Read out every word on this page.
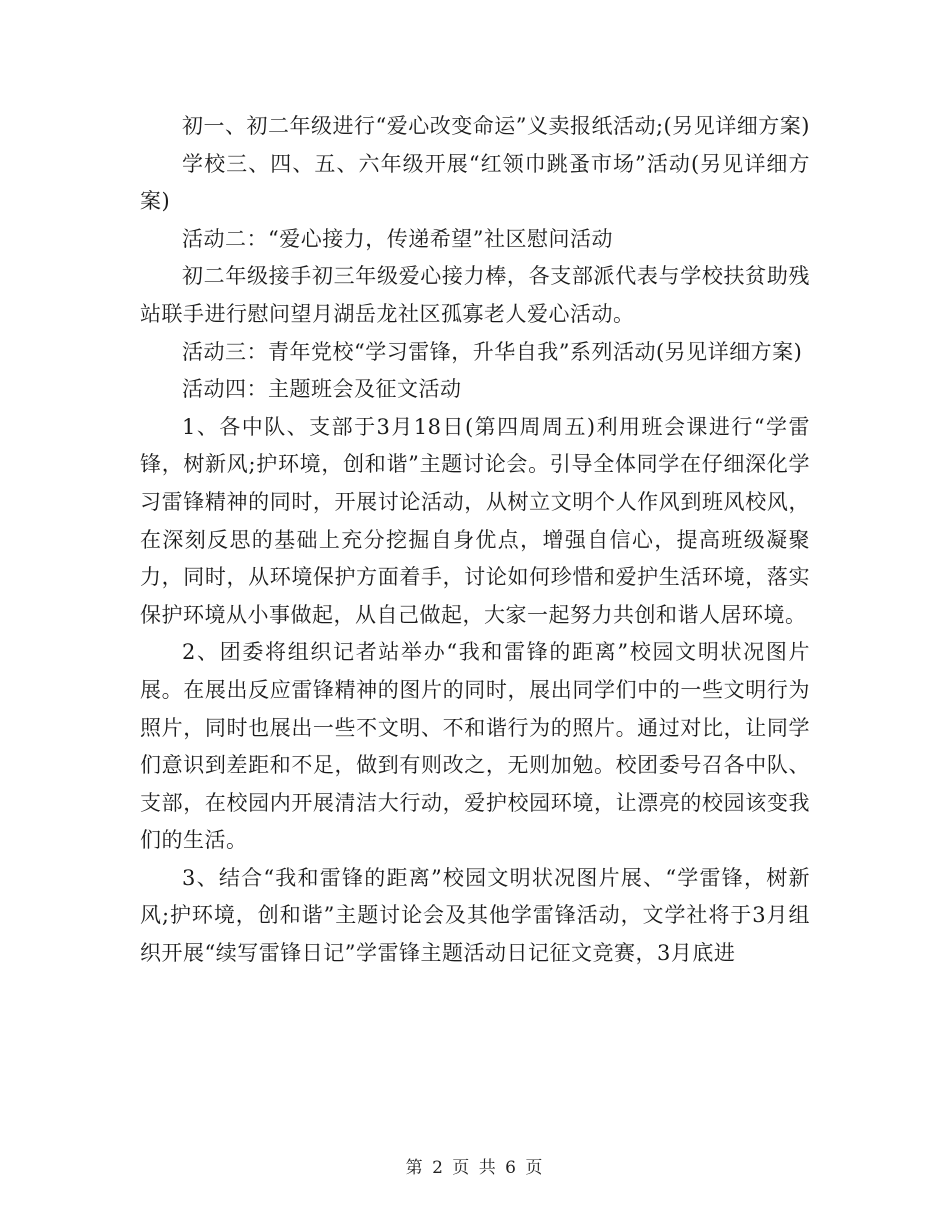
初一、初二年级进行“爱心改变命运”义卖报纸活动;(另见详细方案)

学校三、四、五、六年级开展“红领巾跳蚤市场”活动(另见详细方案)

活动二：“爱心接力，传递希望”社区慰问活动

初二年级接手初三年级爱心接力棒，各支部派代表与学校扶贫助残站联手进行慰问望月湖岳龙社区孤寡老人爱心活动。

活动三：青年党校“学习雷锋，升华自我”系列活动(另见详细方案)

活动四：主题班会及征文活动

1、各中队、支部于3月18日(第四周周五)利用班会课进行“学雷锋，树新风;护环境，创和谐”主题讨论会。引导全体同学在仔细深化学习雷锋精神的同时，开展讨论活动，从树立文明个人作风到班风校风，在深刻反思的基础上充分挖掘自身优点，增强自信心，提高班级凝聚力，同时，从环境保护方面着手，讨论如何珍惜和爱护生活环境，落实保护环境从小事做起，从自己做起，大家一起努力共创和谐人居环境。

2、团委将组织记者站举办“我和雷锋的距离”校园文明状况图片展。在展出反应雷锋精神的图片的同时，展出同学们中的一些文明行为照片，同时也展出一些不文明、不和谐行为的照片。通过对比，让同学们意识到差距和不足，做到有则改之，无则加勉。校团委号召各中队、支部，在校园内开展清洁大行动，爱护校园环境，让漂亮的校园该变我们的生活。

3、结合“我和雷锋的距离”校园文明状况图片展、“学雷锋，树新风;护环境，创和谐”主题讨论会及其他学雷锋活动，文学社将于3月组织开展“续写雷锋日记”学雷锋主题活动日记征文竞赛，3月底进

第 2 页 共 6 页
